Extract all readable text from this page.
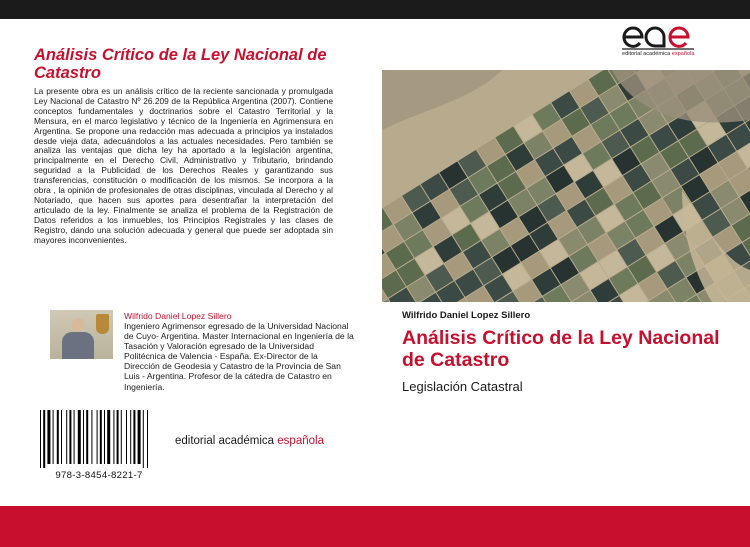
Análisis Crítico de la Ley Nacional de Catastro

La presente obra es un análisis crítico de la reciente sancionada y promulgada Ley Nacional de Catastro Nº 26.209 de la República Argentina (2007). Contiene conceptos fundamentales y doctrinarios sobre el Catastro Territorial y la Mensura, en el marco legislativo y técnico de la Ingeniería en Agrimensura en Argentina. Se propone una redacción mas adecuada a principios ya instalados desde vieja data, adecuándolos a las actuales necesidades. Pero también se analiza las ventajas que dicha ley ha aportado a la legislación argentina, principalmente en el Derecho Civil, Administrativo y Tributario, brindando seguridad a la Publicidad de los Derechos Reales y garantizando sus transferencias, constitución o modificación de los mismos. Se incorpora a la obra , la opinión de profesionales de otras disciplinas, vinculada al Derecho y al Notariado, que hacen sus aportes para desentrañar la interpretación del articulado de la ley. Finalmente se analiza el problema de la Registración de Datos referidos a los inmuebles, los Principios Registrales y las clases de Registro, dando una solución adecuada y general que puede ser adoptada sin mayores inconvenientes.

Wilfrido Daniel Lopez Sillero

Ingeniero Agrimensor egresado de la Universidad Nacional de Cuyo- Argentina. Master Internacional en Ingeniería de la Tasación y Valoración egresado de la Universidad Politécnica de Valencia - España. Ex-Director de la Dirección de Geodesia y Catastro de la Provincia de San Luis - Argentina. Profesor de la cátedra de Catastro en Ingeniería.

978-3-8454-8221-7
editorial académica española
editorial académica española
Wilfrido Daniel Lopez Sillero
Análisis Crítico de la Ley Nacional de Catastro
Legislación Catastral
